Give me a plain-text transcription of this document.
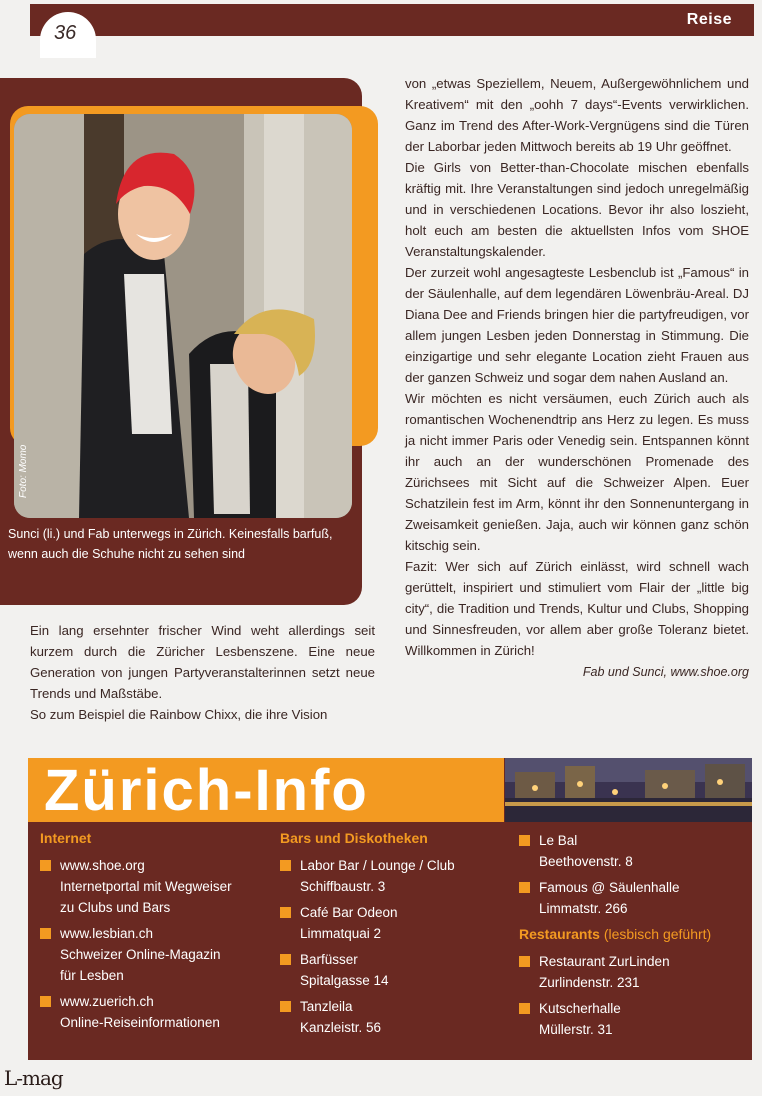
Reise
36
Foto: Momo
Sunci (li.) und Fab unterwegs in Zürich. Keinesfalls barfuß, wenn auch die Schuhe nicht zu sehen sind

von „etwas Speziellem, Neuem, Außergewöhnlichem und Kreativem“ mit den „oohh 7 days“-Events verwirklichen. Ganz im Trend des After-Work-Vergnügens sind die Türen der Laborbar jeden Mittwoch bereits ab 19 Uhr geöffnet.

Die Girls von Better-than-Chocolate mischen ebenfalls kräftig mit. Ihre Veranstaltungen sind jedoch unregelmäßig und in verschiedenen Locations. Bevor ihr also loszieht, holt euch am besten die aktuellsten Infos vom SHOE Veranstaltungskalender.

Der zurzeit wohl angesagteste Lesbenclub ist „Famous“ in der Säulenhalle, auf dem legendären Löwenbräu-Areal. DJ Diana Dee and Friends bringen hier die partyfreudigen, vor allem jungen Lesben jeden Donnerstag in Stimmung. Die einzigartige und sehr elegante Location zieht Frauen aus der ganzen Schweiz und sogar dem nahen Ausland an.

Wir möchten es nicht versäumen, euch Zürich auch als romantischen Wochenendtrip ans Herz zu legen. Es muss ja nicht immer Paris oder Venedig sein. Entspannen könnt ihr auch an der wunderschönen Promenade des Zürichsees mit Sicht auf die Schweizer Alpen. Euer Schatzilein fest im Arm, könnt ihr den Sonnenuntergang in Zweisamkeit genießen. Jaja, auch wir können ganz schön kitschig sein.

Fazit: Wer sich auf Zürich einlässt, wird schnell wach gerüttelt, inspiriert und stimuliert vom Flair der „little big city“, die Tradition und Trends, Kultur und Clubs, Shopping und Sinnesfreuden, vor allem aber große Toleranz bietet. Willkommen in Zürich!

Fab und Sunci, www.shoe.org

Ein lang ersehnter frischer Wind weht allerdings seit kurzem durch die Züricher Lesbenszene. Eine neue Generation von jungen Partyveranstalterinnen setzt neue Trends und Maßstäbe.

So zum Beispiel die Rainbow Chixx, die ihre Vision

Zürich-Info
Internet
www.shoe.org
Internetportal mit Wegweiser
zu Clubs und Bars
www.lesbian.ch
Schweizer Online-Magazin
für Lesben
www.zuerich.ch
Online-Reiseinformationen
Bars und Diskotheken
Labor Bar / Lounge / Club
Schiffbaustr. 3
Café Bar Odeon
Limmatquai 2
Barfüsser
Spitalgasse 14
Tanzleila
Kanzleistr. 56
Le Bal
Beethovenstr. 8
Famous @ Säulenhalle
Limmatstr. 266
Restaurants (lesbisch geführt)
Restaurant ZurLinden
Zurlindenstr. 231
Kutscherhalle
Müllerstr. 31
L-mag
